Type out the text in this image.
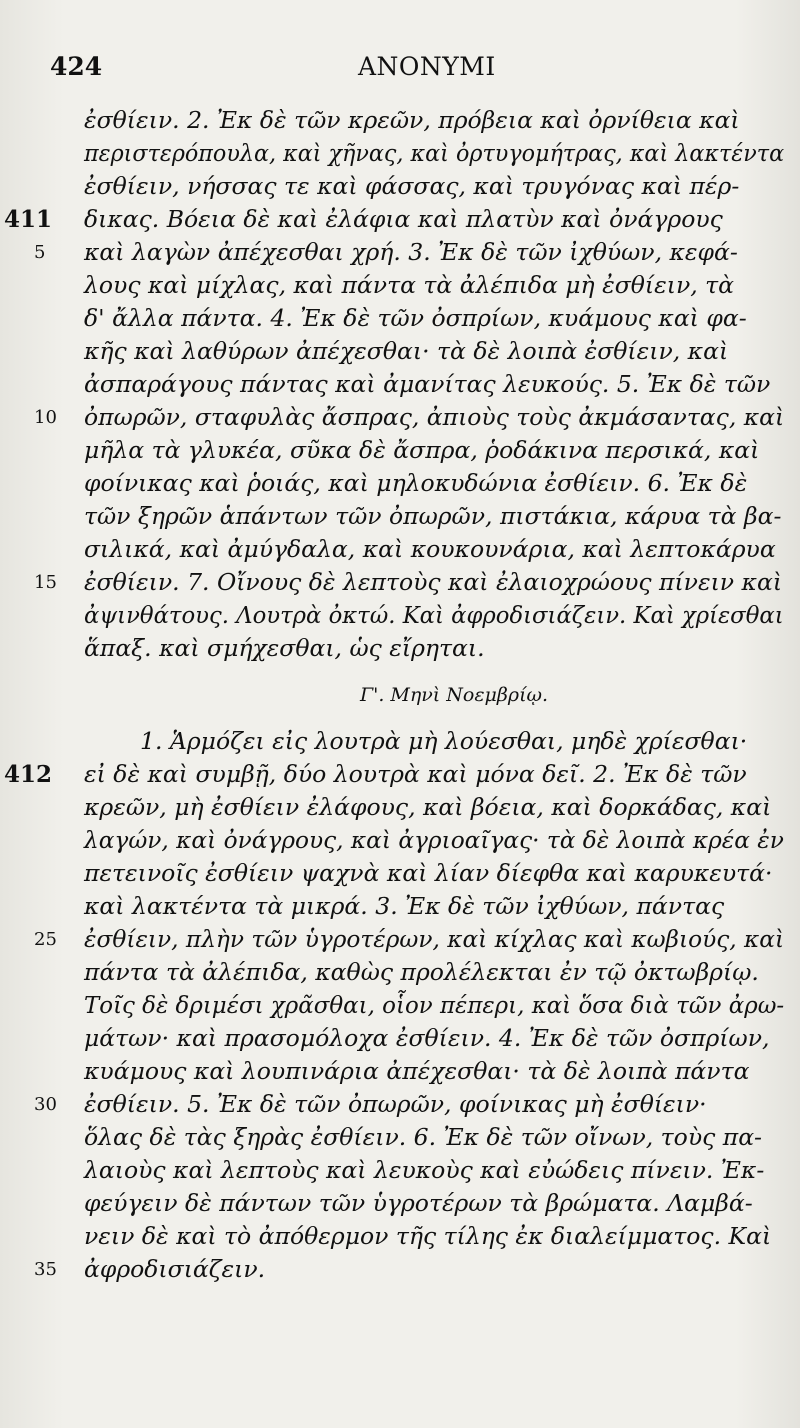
424	ANONYMI
ἐσθίειν. 2. Ἐκ δὲ τῶν κρεῶν, πρόβεια καὶ ὀρνίθεια καὶ
περιστερόπουλα, καὶ χῆνας, καὶ ὀρτυγομήτρας, καὶ λακτέντα
ἐσθίειν, νήσσας τε καὶ φάσσας, καὶ τρυγόνας καὶ πέρ-
411	δικας. Βόεια δὲ καὶ ἐλάφια καὶ πλατὺν καὶ ὀνάγρους
5	καὶ λαγὼν ἀπέχεσθαι χρή. 3. Ἐκ δὲ τῶν ἰχθύων, κεφά-
λους καὶ μίχλας, καὶ πάντα τὰ ἀλέπιδα μὴ ἐσθίειν, τὰ
δ' ἄλλα πάντα. 4. Ἐκ δὲ τῶν ὀσπρίων, κυάμους καὶ φα-
κῆς καὶ λαθύρων ἀπέχεσθαι· τὰ δὲ λοιπὰ ἐσθίειν, καὶ
ἀσπαράγους πάντας καὶ ἀμανίτας λευκούς. 5. Ἐκ δὲ τῶν
10	ὀπωρῶν, σταφυλὰς ἄσπρας, ἀπιοὺς τοὺς ἀκμάσαντας, καὶ
μῆλα τὰ γλυκέα, σῦκα δὲ ἄσπρα, ῥοδάκινα περσικά, καὶ
φοίνικας καὶ ῥοιάς, καὶ μηλοκυδώνια ἐσθίειν. 6. Ἐκ δὲ
τῶν ξηρῶν ἁπάντων τῶν ὀπωρῶν, πιστάκια, κάρυα τὰ βα-
σιλικά, καὶ ἀμύγδαλα, καὶ κουκουνάρια, καὶ λεπτοκάρυα
15	ἐσθίειν. 7. Οἴνους δὲ λεπτοὺς καὶ ἐλαιοχρώους πίνειν καὶ
ἀψινθάτους. Λουτρὰ ὀκτώ. Καὶ ἀφροδισιάζειν. Καὶ χρίεσθαι
ἅπαξ. καὶ σμήχεσθαι, ὡς εἴρηται.
Γ'. Μηνὶ Νοεμβρίῳ.
1. Ἁρμόζει εἰς λουτρὰ μὴ λούεσθαι, μηδὲ χρίεσθαι·
412	εἰ δὲ καὶ συμβῇ, δύο λουτρὰ καὶ μόνα δεῖ. 2. Ἐκ δὲ τῶν
κρεῶν, μὴ ἐσθίειν ἐλάφους, καὶ βόεια, καὶ δορκάδας, καὶ
λαγών, καὶ ὀνάγρους, καὶ ἀγριοαῖγας· τὰ δὲ λοιπὰ κρέα ἐν
πετεινοῖς ἐσθίειν ψαχνὰ καὶ λίαν δίεφθα καὶ καρυκευτά·
καὶ λακτέντα τὰ μικρά. 3. Ἐκ δὲ τῶν ἰχθύων, πάντας
25	ἐσθίειν, πλὴν τῶν ὑγροτέρων, καὶ κίχλας καὶ κωβιούς, καὶ
πάντα τὰ ἀλέπιδα, καθὼς προλέλεκται ἐν τῷ ὀκτωβρίῳ.
Τοῖς δὲ δριμέσι χρᾶσθαι, οἷον πέπερι, καὶ ὅσα διὰ τῶν ἀρω-
μάτων· καὶ πρασομόλοχα ἐσθίειν. 4. Ἐκ δὲ τῶν ὀσπρίων,
κυάμους καὶ λουπινάρια ἀπέχεσθαι· τὰ δὲ λοιπὰ πάντα
30	ἐσθίειν. 5. Ἐκ δὲ τῶν ὀπωρῶν, φοίνικας μὴ ἐσθίειν·
ὅλας δὲ τὰς ξηρὰς ἐσθίειν. 6. Ἐκ δὲ τῶν οἴνων, τοὺς πα-
λαιοὺς καὶ λεπτοὺς καὶ λευκοὺς καὶ εὐώδεις πίνειν. Ἐκ-
φεύγειν δὲ πάντων τῶν ὑγροτέρων τὰ βρώματα. Λαμβά-
νειν δὲ καὶ τὸ ἀπόθερμον τῆς τίλης ἐκ διαλείμματος. Καὶ
35	ἀφροδισιάζειν.
